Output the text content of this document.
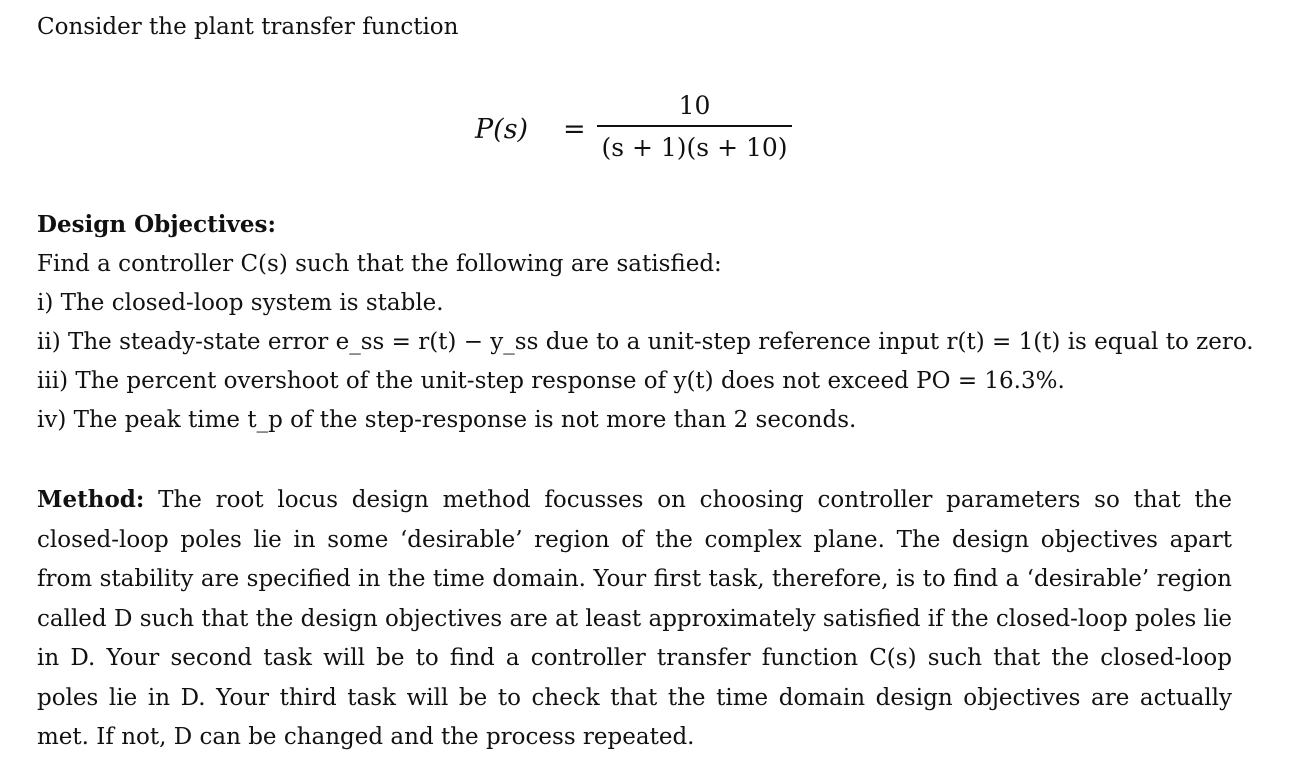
Consider the plant transfer function
P(s) =
10
(s + 1)(s + 10)
Design Objectives:
Find a controller C(s) such that the following are satisfied:
i) The closed-loop system is stable.
ii) The steady-state error e_ss = r(t) − y_ss due to a unit-step reference input r(t) = 1(t) is equal to zero.
iii) The percent overshoot of the unit-step response of y(t) does not exceed PO = 16.3%.
iv) The peak time t_p of the step-response is not more than 2 seconds.
Method: The root locus design method focusses on choosing controller parameters so that the closed-loop poles lie in some ‘desirable’ region of the complex plane. The design objectives apart from stability are specified in the time domain. Your first task, therefore, is to find a ‘desirable’ region called D such that the design objectives are at least approximately satisfied if the closed-loop poles lie in D. Your second task will be to find a controller transfer function C(s) such that the closed-loop poles lie in D. Your third task will be to check that the time domain design objectives are actually met. If not, D can be changed and the process repeated.
